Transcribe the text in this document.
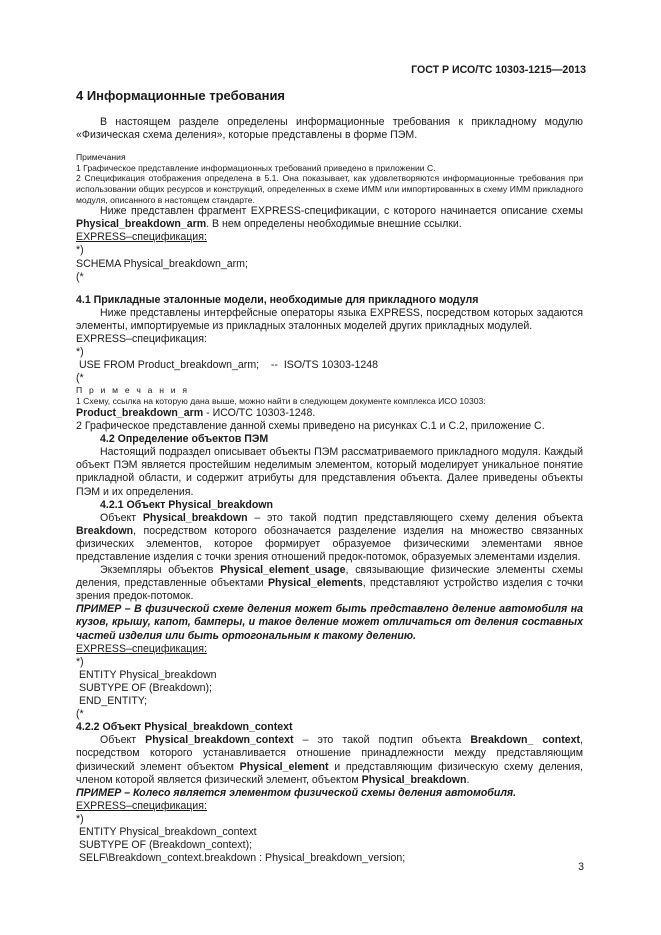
ГОСТ Р ИСО/ТС 10303-1215—2013
4 Информационные требования

В настоящем разделе определены информационные требования к прикладному модулю «Физическая схема деления», которые представлены в форме ПЭМ.

Примечания

1 Графическое представление информационных требований приведено в приложении С.

2 Спецификация отображения определена в 5.1. Она показывает, как удовлетворяются информационные требования при использовании общих ресурсов и конструкций, определенных в схеме ИММ или импортированных в схему ИММ прикладного модуля, описанного в настоящем стандарте.

Ниже представлен фрагмент EXPRESS-спецификации, с которого начинается описание схемы Physical_breakdown_arm. В нем определены необходимые внешние ссылки.

EXPRESS–спецификация:

*)

SCHEMA Physical_breakdown_arm;

(*

4.1 Прикладные эталонные модели, необходимые для прикладного модуля

Ниже представлены интерфейсные операторы языка EXPRESS, посредством которых задаются элементы, импортируемые из прикладных эталонных моделей других прикладных модулей.

EXPRESS–спецификация:

*)

USE FROM Product_breakdown_arm;    --  ISO/TS 10303-1248

(*

П р и м е ч а н и я

1 Схему, ссылка на которую дана выше, можно найти в следующем документе комплекса ИСО 10303:

Product_breakdown_arm - ИСО/ТС 10303-1248.

2 Графическое представление данной схемы приведено на рисунках С.1 и С.2, приложение С.

4.2 Определение объектов ПЭМ

Настоящий подраздел описывает объекты ПЭМ рассматриваемого прикладного модуля. Каждый объект ПЭМ является простейшим неделимым элементом, который моделирует уникальное понятие прикладной области, и содержит атрибуты для представления объекта. Далее приведены объекты ПЭМ и их определения.

4.2.1 Объект Physical_breakdown

Объект Physical_breakdown – это такой подтип представляющего схему деления объекта Breakdown, посредством которого обозначается разделение изделия на множество связанных физических элементов, которое формирует образуемое физическими элементами явное представление изделия с точки зрения отношений предок-потомок, образуемых элементами изделия.

Экземпляры объектов Physical_element_usage, связывающие физические элементы схемы деления, представленные объектами Physical_elements, представляют устройство изделия с точки зрения предок-потомок.

ПРИМЕР – В физической схеме деления может быть представлено деление автомобиля на кузов, крышу, капот, бамперы, и такое деление может отличаться от деления составных частей изделия или быть ортогональным к такому делению.

EXPRESS–спецификация:

*)

ENTITY Physical_breakdown

SUBTYPE OF (Breakdown);

END_ENTITY;

(*

4.2.2 Объект Physical_breakdown_context

Объект Physical_breakdown_context – это такой подтип объекта Breakdown_ context, посредством которого устанавливается отношение принадлежности между представляющим физический элемент объектом Physical_element и представляющим физическую схему деления, членом которой является физический элемент, объектом Physical_breakdown.

ПРИМЕР – Колесо является элементом физической схемы деления автомобиля.

EXPRESS–спецификация:

*)

ENTITY Physical_breakdown_context

SUBTYPE OF (Breakdown_context);

SELF\Breakdown_context.breakdown : Physical_breakdown_version;

3
